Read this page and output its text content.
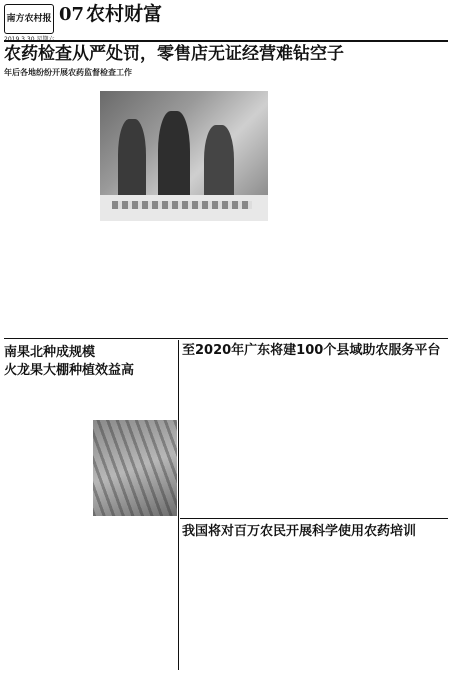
南方农村报 07 农村财富
农药检查从严处罚，零售店无证经营难钻空子
年后各地纷纷开展农药监督检查工作
南果北种成规模
火龙果大棚种植效益高
至2020年广东将建100个县域助农服务平台
我国将对百万农民开展科学使用农药培训
